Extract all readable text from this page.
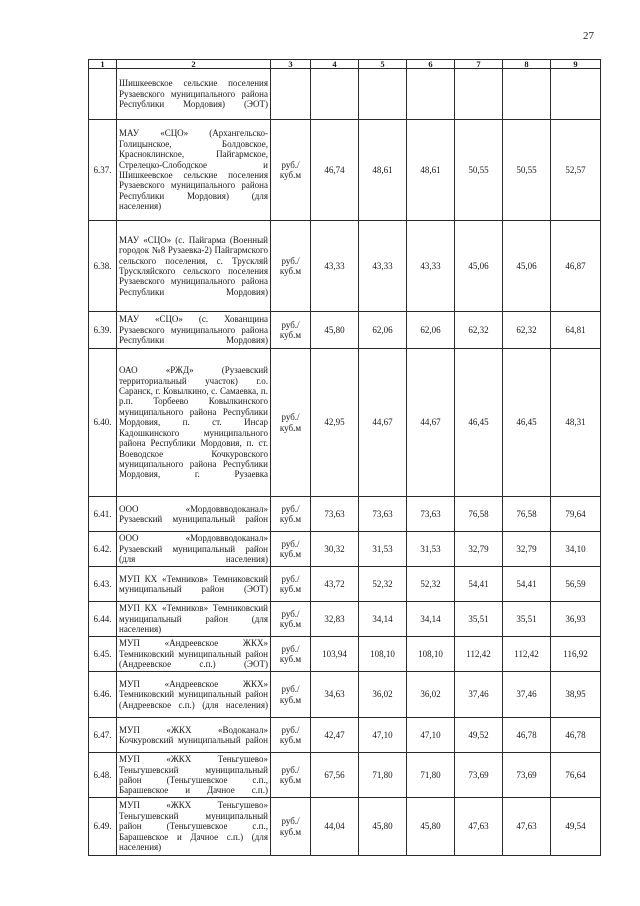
27
1	2	3	4	5	6	7	8	9
	Шишкеевское сельские поселения Рузаевского муниципального района Республики Мордовия) (ЭОТ)							
6.37.	МАУ «СЦО» (Архангельско-Голицынское, Болдовское, Красноклинское, Пайгармское, Стрелецко-Слободское и Шишкеевское сельские поселения Рузаевского муниципального района Республики Мордовия) (для населения)	руб./ куб.м	46,74	48,61	48,61	50,55	50,55	52,57
6.38.	МАУ «СЦО» (с. Пайгарма (Военный городок №8 Рузаевка-2) Пайгармского сельского поселения, с. Трускляй Трускляйского сельского поселения Рузаевского муниципального района Республики Мордовия)	руб./ куб.м	43,33	43,33	43,33	45,06	45,06	46,87
6.39.	МАУ «СЦО» (с. Хованщина Рузаевского муниципального района Республики Мордовия)	руб./ куб.м	45,80	62,06	62,06	62,32	62,32	64,81
6.40.	ОАО «РЖД» (Рузаевский территориальный участок) г.о. Саранск, г. Ковылкино, с. Самаевка, п. р.п. Торбеево Ковылкинского муниципального района Республики Мордовия, п. ст. Инсар Кадошкинского муниципального района Республики Мордовия, п. ст. Воеводское Кочкуровского муниципального района Республики Мордовия, г. Рузаевка	руб./ куб.м	42,95	44,67	44,67	46,45	46,45	48,31
6.41.	ООО «Мордоввводоканал» Рузаевский муниципальный район	руб./ куб.м	73,63	73,63	73,63	76,58	76,58	79,64
6.42.	ООО «Мордоввводоканал» Рузаевский муниципальный район (для населения)	руб./ куб.м	30,32	31,53	31,53	32,79	32,79	34,10
6.43.	МУП КХ «Темников» Темниковский муниципальный район (ЭОТ)	руб./ куб.м	43,72	52,32	52,32	54,41	54,41	56,59
6.44.	МУП КХ «Темников» Темниковский муниципальный район (для населения)	руб./ куб.м	32,83	34,14	34,14	35,51	35,51	36,93
6.45.	МУП «Андреевское ЖКХ» Темниковский муниципальный район (Андреевское с.п.) (ЭОТ)	руб./ куб.м	103,94	108,10	108,10	112,42	112,42	116,92
6.46.	МУП «Андреевское ЖКХ» Темниковский муниципальный район (Андреевское с.п.) (для населения)	руб./ куб.м	34,63	36,02	36,02	37,46	37,46	38,95
6.47.	МУП «ЖКХ «Водоканал» Кочкуровский муниципальный район	руб./ куб.м	42,47	47,10	47,10	49,52	46,78	46,78
6.48.	МУП «ЖКХ Теньгушево» Теньгушевский муниципальный район (Теньгушевское с.п., Барашевское и Дачное с.п.)	руб./ куб.м	67,56	71,80	71,80	73,69	73,69	76,64
6.49.	МУП «ЖКХ Теньгушево» Теньгушевский муниципальный район (Теньгушевское с.п., Барашевское и Дачное с.п.) (для населения)	руб./ куб.м	44,04	45,80	45,80	47,63	47,63	49,54
